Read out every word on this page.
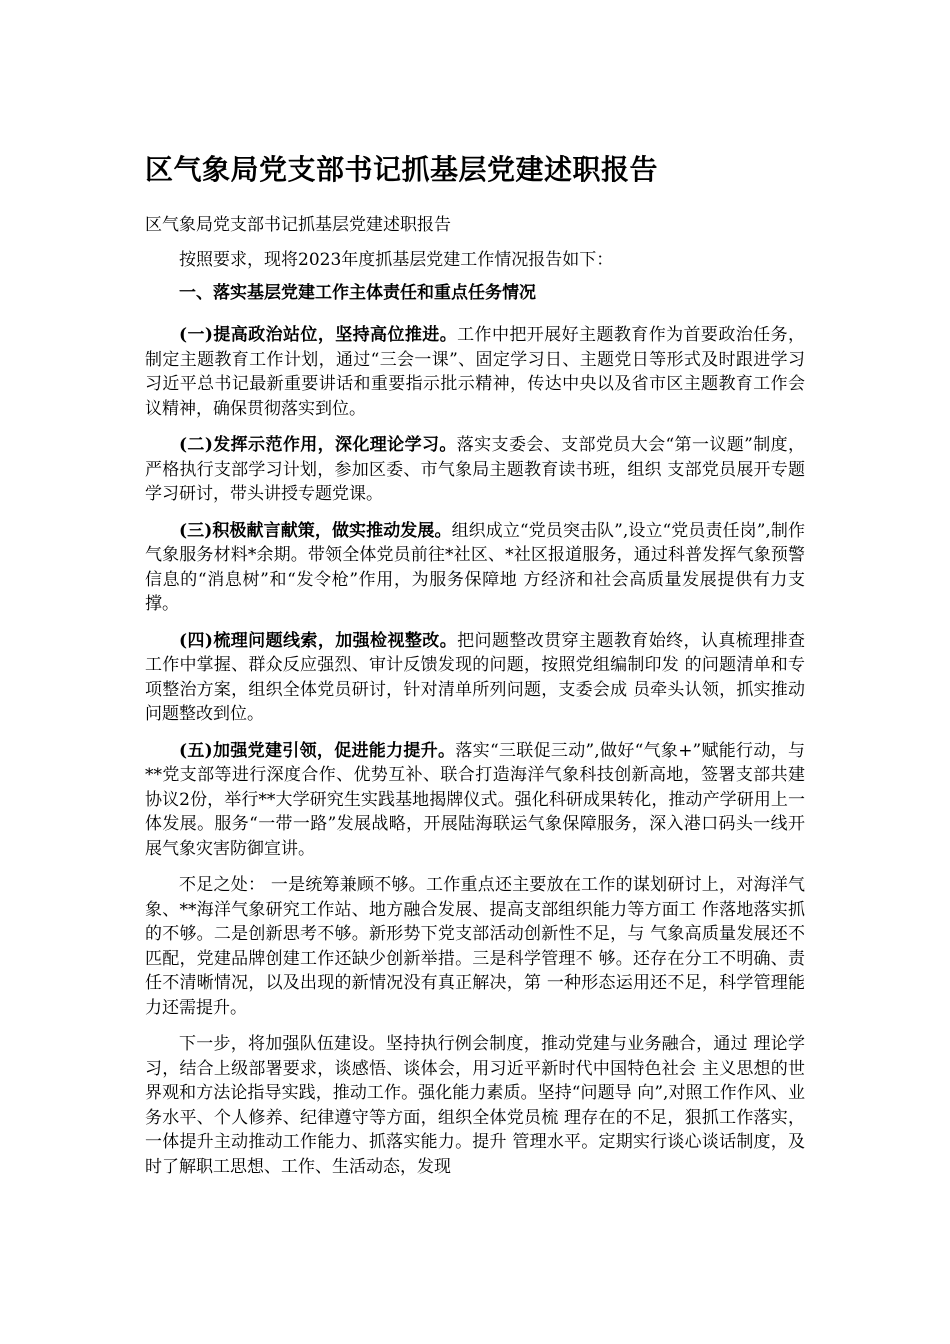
区气象局党支部书记抓基层党建述职报告

区气象局党支部书记抓基层党建述职报告

按照要求，现将2023年度抓基层党建工作情况报告如下：

一、落实基层党建工作主体责任和重点任务情况

(一)提高政治站位，坚持高位推进。工作中把开展好主题教育作为首要政治任务，制定主题教育工作计划，通过“三会一课”、固定学习日、主题党日等形式及时跟进学习习近平总书记最新重要讲话和重要指示批示精神，传达中央以及省市区主题教育工作会议精神，确保贯彻落实到位。

(二)发挥示范作用，深化理论学习。落实支委会、支部党员大会“第一议题”制度，严格执行支部学习计划，参加区委、市气象局主题教育读书班，组织 支部党员展开专题学习研讨，带头讲授专题党课。

(三)积极献言献策，做实推动发展。组织成立“党员突击队”,设立“党员责任岗”,制作气象服务材料*余期。带领全体党员前往*社区、*社区报道服务，通过科普发挥气象预警信息的“消息树”和“发令枪”作用，为服务保障地 方经济和社会高质量发展提供有力支撑。

(四)梳理问题线索，加强检视整改。把问题整改贯穿主题教育始终，认真梳理排查工作中掌握、群众反应强烈、审计反馈发现的问题，按照党组编制印发 的问题清单和专项整治方案，组织全体党员研讨，针对清单所列问题，支委会成 员牵头认领，抓实推动问题整改到位。

(五)加强党建引领，促进能力提升。落实“三联促三动”,做好“气象+”赋能行动，与**党支部等进行深度合作、优势互补、联合打造海洋气象科技创新高地，签署支部共建协议2份，举行**大学研究生实践基地揭牌仪式。强化科研成果转化，推动产学研用上一体发展。服务“一带一路”发展战略，开展陆海联运气象保障服务，深入港口码头一线开展气象灾害防御宣讲。

不足之处： 一是统筹兼顾不够。工作重点还主要放在工作的谋划研讨上，对海洋气象、**海洋气象研究工作站、地方融合发展、提高支部组织能力等方面工 作落地落实抓的不够。二是创新思考不够。新形势下党支部活动创新性不足，与 气象高质量发展还不匹配，党建品牌创建工作还缺少创新举措。三是科学管理不 够。还存在分工不明确、责任不清晰情况，以及出现的新情况没有真正解决，第 一种形态运用还不足，科学管理能力还需提升。

下一步，将加强队伍建设。坚持执行例会制度，推动党建与业务融合，通过 理论学习，结合上级部署要求，谈感悟、谈体会，用习近平新时代中国特色社会 主义思想的世界观和方法论指导实践，推动工作。强化能力素质。坚持“问题导 向”,对照工作作风、业务水平、个人修养、纪律遵守等方面，组织全体党员梳 理存在的不足，狠抓工作落实， 一体提升主动推动工作能力、抓落实能力。提升 管理水平。定期实行谈心谈话制度，及时了解职工思想、工作、生活动态，发现
